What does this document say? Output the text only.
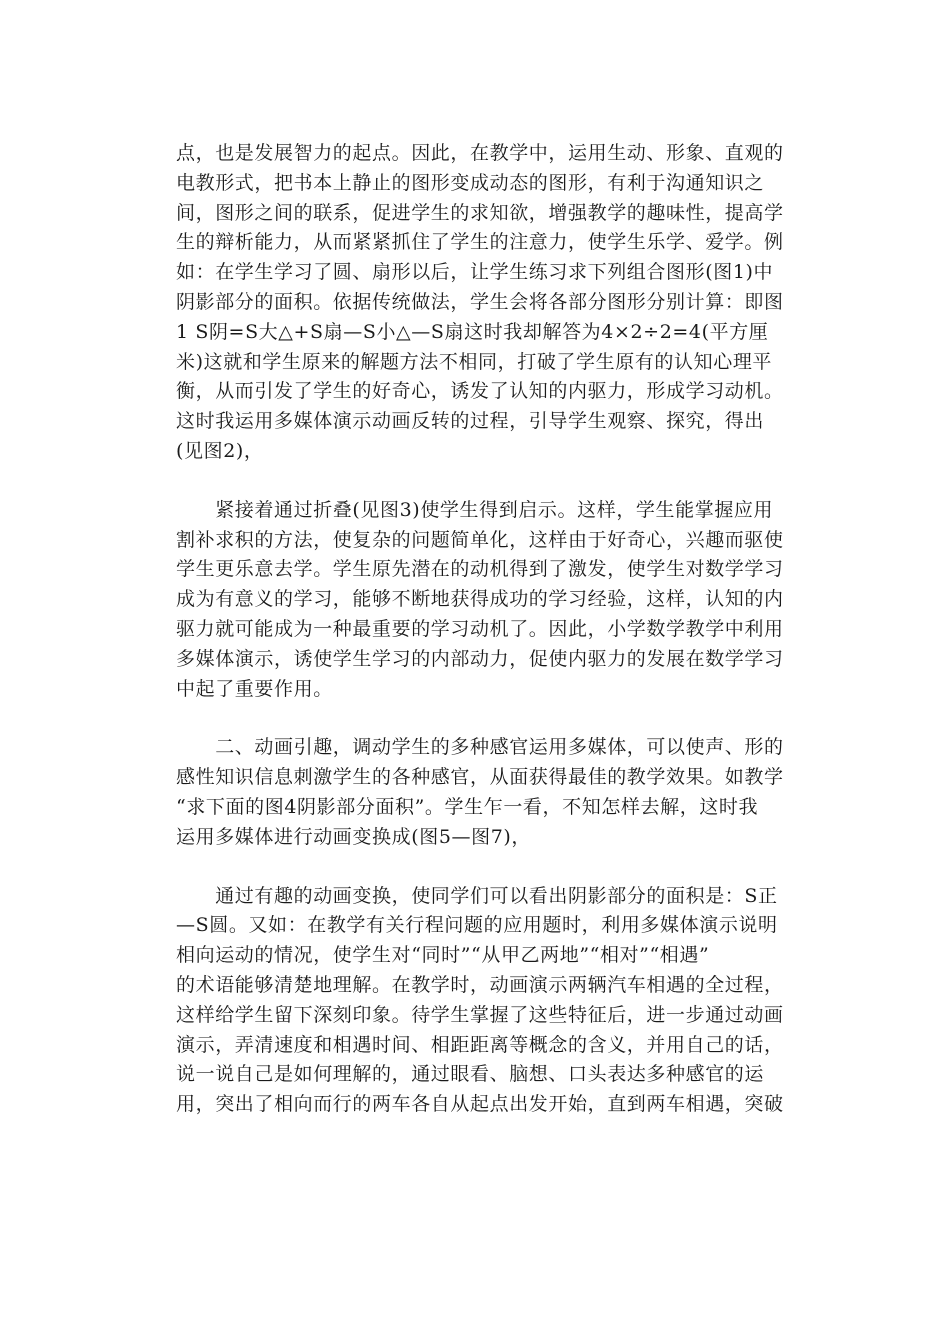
点，也是发展智力的起点。因此，在教学中，运用生动、形象、直观的
电教形式，把书本上静止的图形变成动态的图形，有利于沟通知识之
间，图形之间的联系，促进学生的求知欲，增强教学的趣味性，提高学
生的辩析能力，从而紧紧抓住了学生的注意力，使学生乐学、爱学。例
如：在学生学习了圆、扇形以后，让学生练习求下列组合图形(图1)中
阴影部分的面积。依据传统做法，学生会将各部分图形分别计算：即图
1 S阴=S大△+S扇—S小△—S扇这时我却解答为4×2÷2=4(平方厘
米)这就和学生原来的解题方法不相同，打破了学生原有的认知心理平
衡，从而引发了学生的好奇心，诱发了认知的内驱力，形成学习动机。
这时我运用多媒体演示动画反转的过程，引导学生观察、探究，得出
(见图2)，
　　紧接着通过折叠(见图3)使学生得到启示。这样，学生能掌握应用
割补求积的方法，使复杂的问题简单化，这样由于好奇心，兴趣而驱使
学生更乐意去学。学生原先潜在的动机得到了激发，使学生对数学学习
成为有意义的学习，能够不断地获得成功的学习经验，这样，认知的内
驱力就可能成为一种最重要的学习动机了。因此，小学数学教学中利用
多媒体演示，诱使学生学习的内部动力，促使内驱力的发展在数学学习
中起了重要作用。
　　二、动画引趣，调动学生的多种感官运用多媒体，可以使声、形的
感性知识信息刺激学生的各种感官，从面获得最佳的教学效果。如教学
“求下面的图4阴影部分面积”。学生乍一看，不知怎样去解，这时我
运用多媒体进行动画变换成(图5—图7)，
　　通过有趣的动画变换，使同学们可以看出阴影部分的面积是：S正
—S圆。又如：在教学有关行程问题的应用题时，利用多媒体演示说明
相向运动的情况，使学生对“同时”“从甲乙两地”“相对”“相遇”
的术语能够清楚地理解。在教学时，动画演示两辆汽车相遇的全过程，
这样给学生留下深刻印象。待学生掌握了这些特征后，进一步通过动画
演示，弄清速度和相遇时间、相距距离等概念的含义，并用自己的话，
说一说自己是如何理解的，通过眼看、脑想、口头表达多种感官的运
用，突出了相向而行的两车各自从起点出发开始，直到两车相遇，突破
